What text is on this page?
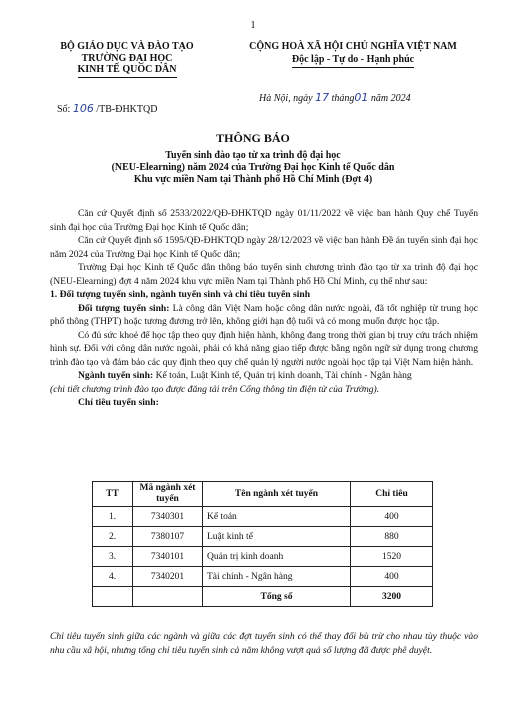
1
BỘ GIÁO DỤC VÀ ĐÀO TẠO
TRƯỜNG ĐẠI HỌC
KINH TẾ QUỐC DÂN
CỘNG HOÀ XÃ HỘI CHỦ NGHĨA VIỆT NAM
Độc lập - Tự do - Hạnh phúc
Số: 106 /TB-ĐHKTQD
Hà Nội, ngày 17 tháng01 năm 2024
THÔNG BÁO
Tuyển sinh đào tạo từ xa trình độ đại học
(NEU-Elearning) năm 2024 của Trường Đại học Kinh tế Quốc dân
Khu vực miền Nam tại Thành phố Hồ Chí Minh (Đợt 4)

Căn cứ Quyết định số 2533/2022/QĐ-ĐHKTQD ngày 01/11/2022 về việc ban hành Quy chế Tuyển sinh đại học của Trường Đại học Kinh tế Quốc dân;

Căn cứ Quyết định số 1595/QĐ-ĐHKTQD ngày 28/12/2023 về việc ban hành Đề án tuyển sinh đại học năm 2024 của Trường Đại học Kinh tế Quốc dân;

Trường Đại học Kinh tế Quốc dân thông báo tuyển sinh chương trình đào tạo từ xa trình độ đại học (NEU-Elearning) đợt 4 năm 2024 khu vực miền Nam tại Thành phố Hồ Chí Minh, cụ thể như sau:

1. Đối tượng tuyển sinh, ngành tuyển sinh và chỉ tiêu tuyển sinh

Đối tượng tuyển sinh: Là công dân Việt Nam hoặc công dân nước ngoài, đã tốt nghiệp từ trung học phổ thông (THPT) hoặc tương đương trở lên, không giới hạn độ tuổi và có mong muốn được học tập.

Có đủ sức khoẻ để học tập theo quy định hiện hành, không đang trong thời gian bị truy cứu trách nhiệm hình sự. Đối với công dân nước ngoài, phải có khả năng giao tiếp được bằng ngôn ngữ sử dụng trong chương trình đào tạo và đảm bảo các quy định theo quy chế quản lý người nước ngoài học tập tại Việt Nam hiện hành.

Ngành tuyển sinh: Kế toán, Luật Kinh tế, Quản trị kinh doanh, Tài chính - Ngân hàng

(chi tiết chương trình đào tạo được đăng tải trên Cổng thông tin điện tử của Trường).

Chỉ tiêu tuyển sinh:

TT	Mã ngành xét tuyển	Tên ngành xét tuyển	Chỉ tiêu
1.	7340301	Kế toán	400
2.	7380107	Luật kinh tế	880
3.	7340101	Quản trị kinh doanh	1520
4.	7340201	Tài chính - Ngân hàng	400
		Tổng số	3200
Chỉ tiêu tuyển sinh giữa các ngành và giữa các đợt tuyển sinh có thể thay đổi bù trừ cho nhau tùy thuộc vào nhu cầu xã hội, nhưng tổng chỉ tiêu tuyển sinh cả năm không vượt quá số lượng đã được phê duyệt.
